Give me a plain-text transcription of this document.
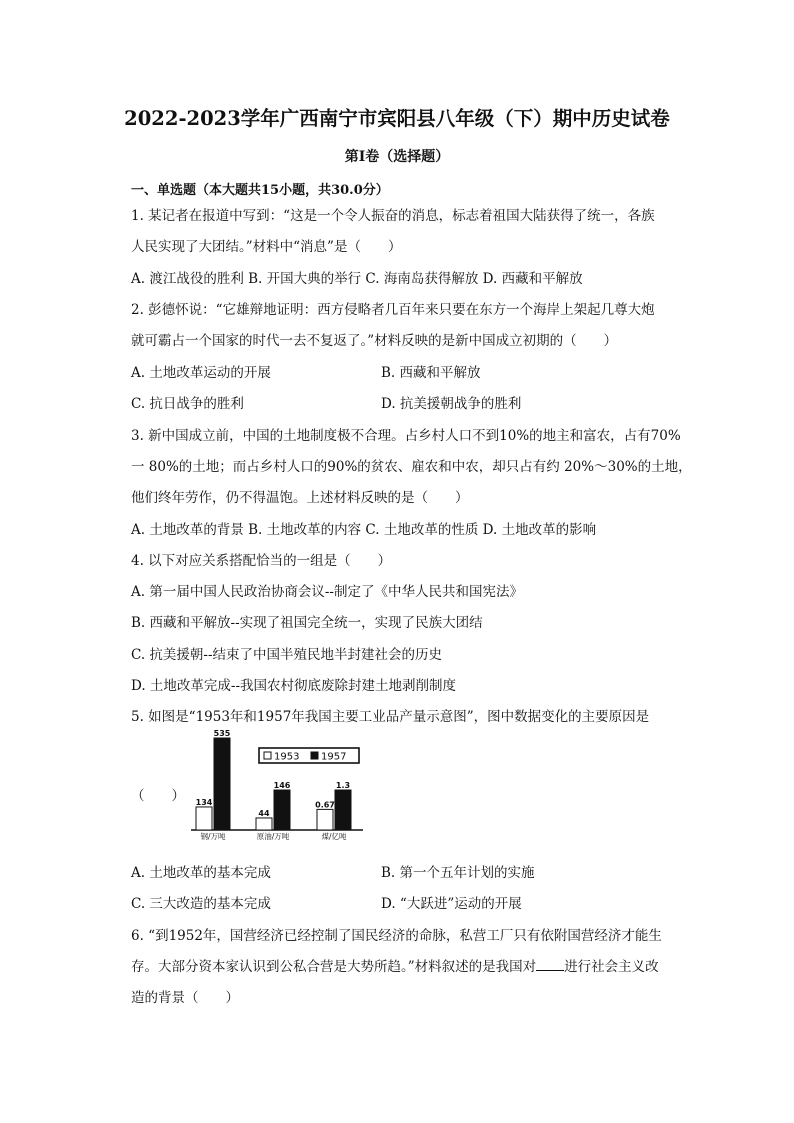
2022-2023学年广西南宁市宾阳县八年级（下）期中历史试卷
第Ⅰ卷（选择题）
一、单选题（本大题共15小题，共30.0分）
1. 某记者在报道中写到：“这是一个令人振奋的消息，标志着祖国大陆获得了统一，各族
人民实现了大团结。”材料中“消息”是（　　）
A. 渡江战役的胜利 B. 开国大典的举行 C. 海南岛获得解放 D. 西藏和平解放
2. 彭德怀说：“它雄辩地证明：西方侵略者几百年来只要在东方一个海岸上架起几尊大炮
就可霸占一个国家的时代一去不复返了。”材料反映的是新中国成立初期的（　　）
A. 土地改革运动的开展	B. 西藏和平解放
C. 抗日战争的胜利	D. 抗美援朝战争的胜利
3. 新中国成立前，中国的土地制度极不合理。占乡村人口不到10%的地主和富农，占有70%
一 80%的土地；而占乡村人口的90%的贫农、雇农和中农，却只占有约 20%～30%的土地，
他们终年劳作，仍不得温饱。上述材料反映的是（　　）
A. 土地改革的背景 B. 土地改革的内容 C. 土地改革的性质 D. 土地改革的影响
4. 以下对应关系搭配恰当的一组是（　　）
A. 第一届中国人民政治协商会议--制定了《中华人民共和国宪法》
B. 西藏和平解放--实现了祖国完全统一，实现了民族大团结
C. 抗美援朝--结束了中国半殖民地半封建社会的历史
D. 土地改革完成--我国农村彻底废除封建土地剥削制度
5. 如图是“1953年和1957年我国主要工业品产量示意图”，图中数据变化的主要原因是
（　　） 134
535
钢/万吨
44
146
原油/万吨
0.67
1.3
煤/亿吨
1953 1957
A. 土地改革的基本完成	B. 第一个五年计划的实施
C. 三大改造的基本完成	D. “大跃进”运动的开展
6. “到1952年，国营经济已经控制了国民经济的命脉，私营工厂只有依附国营经济才能生
存。大部分资本家认识到公私合营是大势所趋。”材料叙述的是我国对 进行社会主义改
造的背景（　　）
